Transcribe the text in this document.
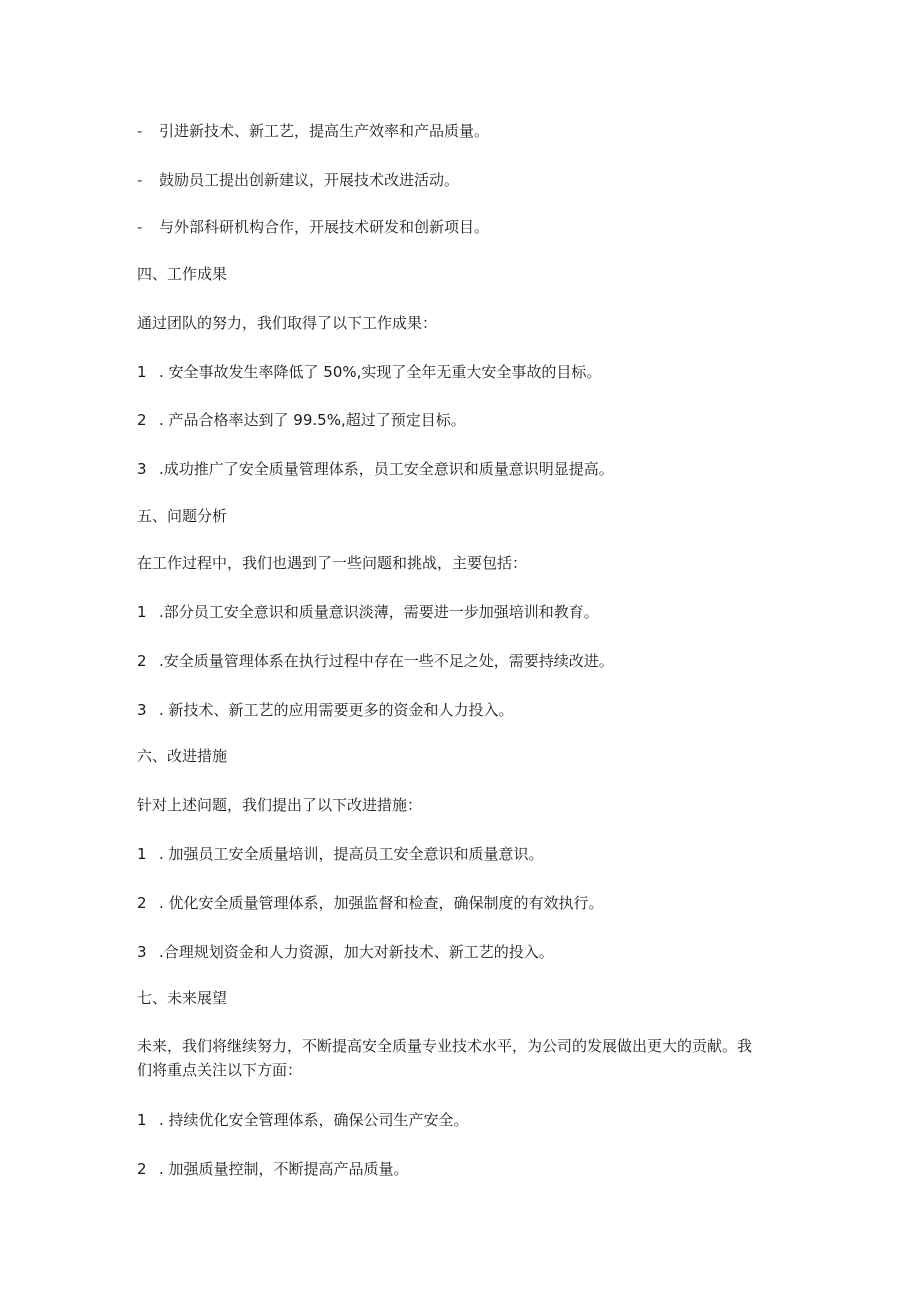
- 引进新技术、新工艺，提高生产效率和产品质量。
- 鼓励员工提出创新建议，开展技术改进活动。
- 与外部科研机构合作，开展技术研发和创新项目。
四、工作成果
通过团队的努力，我们取得了以下工作成果：
1 . 安全事故发生率降低了 50%,实现了全年无重大安全事故的目标。
2 . 产品合格率达到了 99.5%,超过了预定目标。
3 .成功推广了安全质量管理体系，员工安全意识和质量意识明显提高。
五、问题分析
在工作过程中，我们也遇到了一些问题和挑战，主要包括：
1 .部分员工安全意识和质量意识淡薄，需要进一步加强培训和教育。
2 .安全质量管理体系在执行过程中存在一些不足之处，需要持续改进。
3 . 新技术、新工艺的应用需要更多的资金和人力投入。
六、改进措施
针对上述问题，我们提出了以下改进措施：
1 . 加强员工安全质量培训，提高员工安全意识和质量意识。
2 . 优化安全质量管理体系，加强监督和检查，确保制度的有效执行。
3 .合理规划资金和人力资源，加大对新技术、新工艺的投入。
七、未来展望
未来，我们将继续努力，不断提高安全质量专业技术水平，为公司的发展做出更大的贡献。我
们将重点关注以下方面：
1 . 持续优化安全管理体系，确保公司生产安全。
2 . 加强质量控制，不断提高产品质量。
